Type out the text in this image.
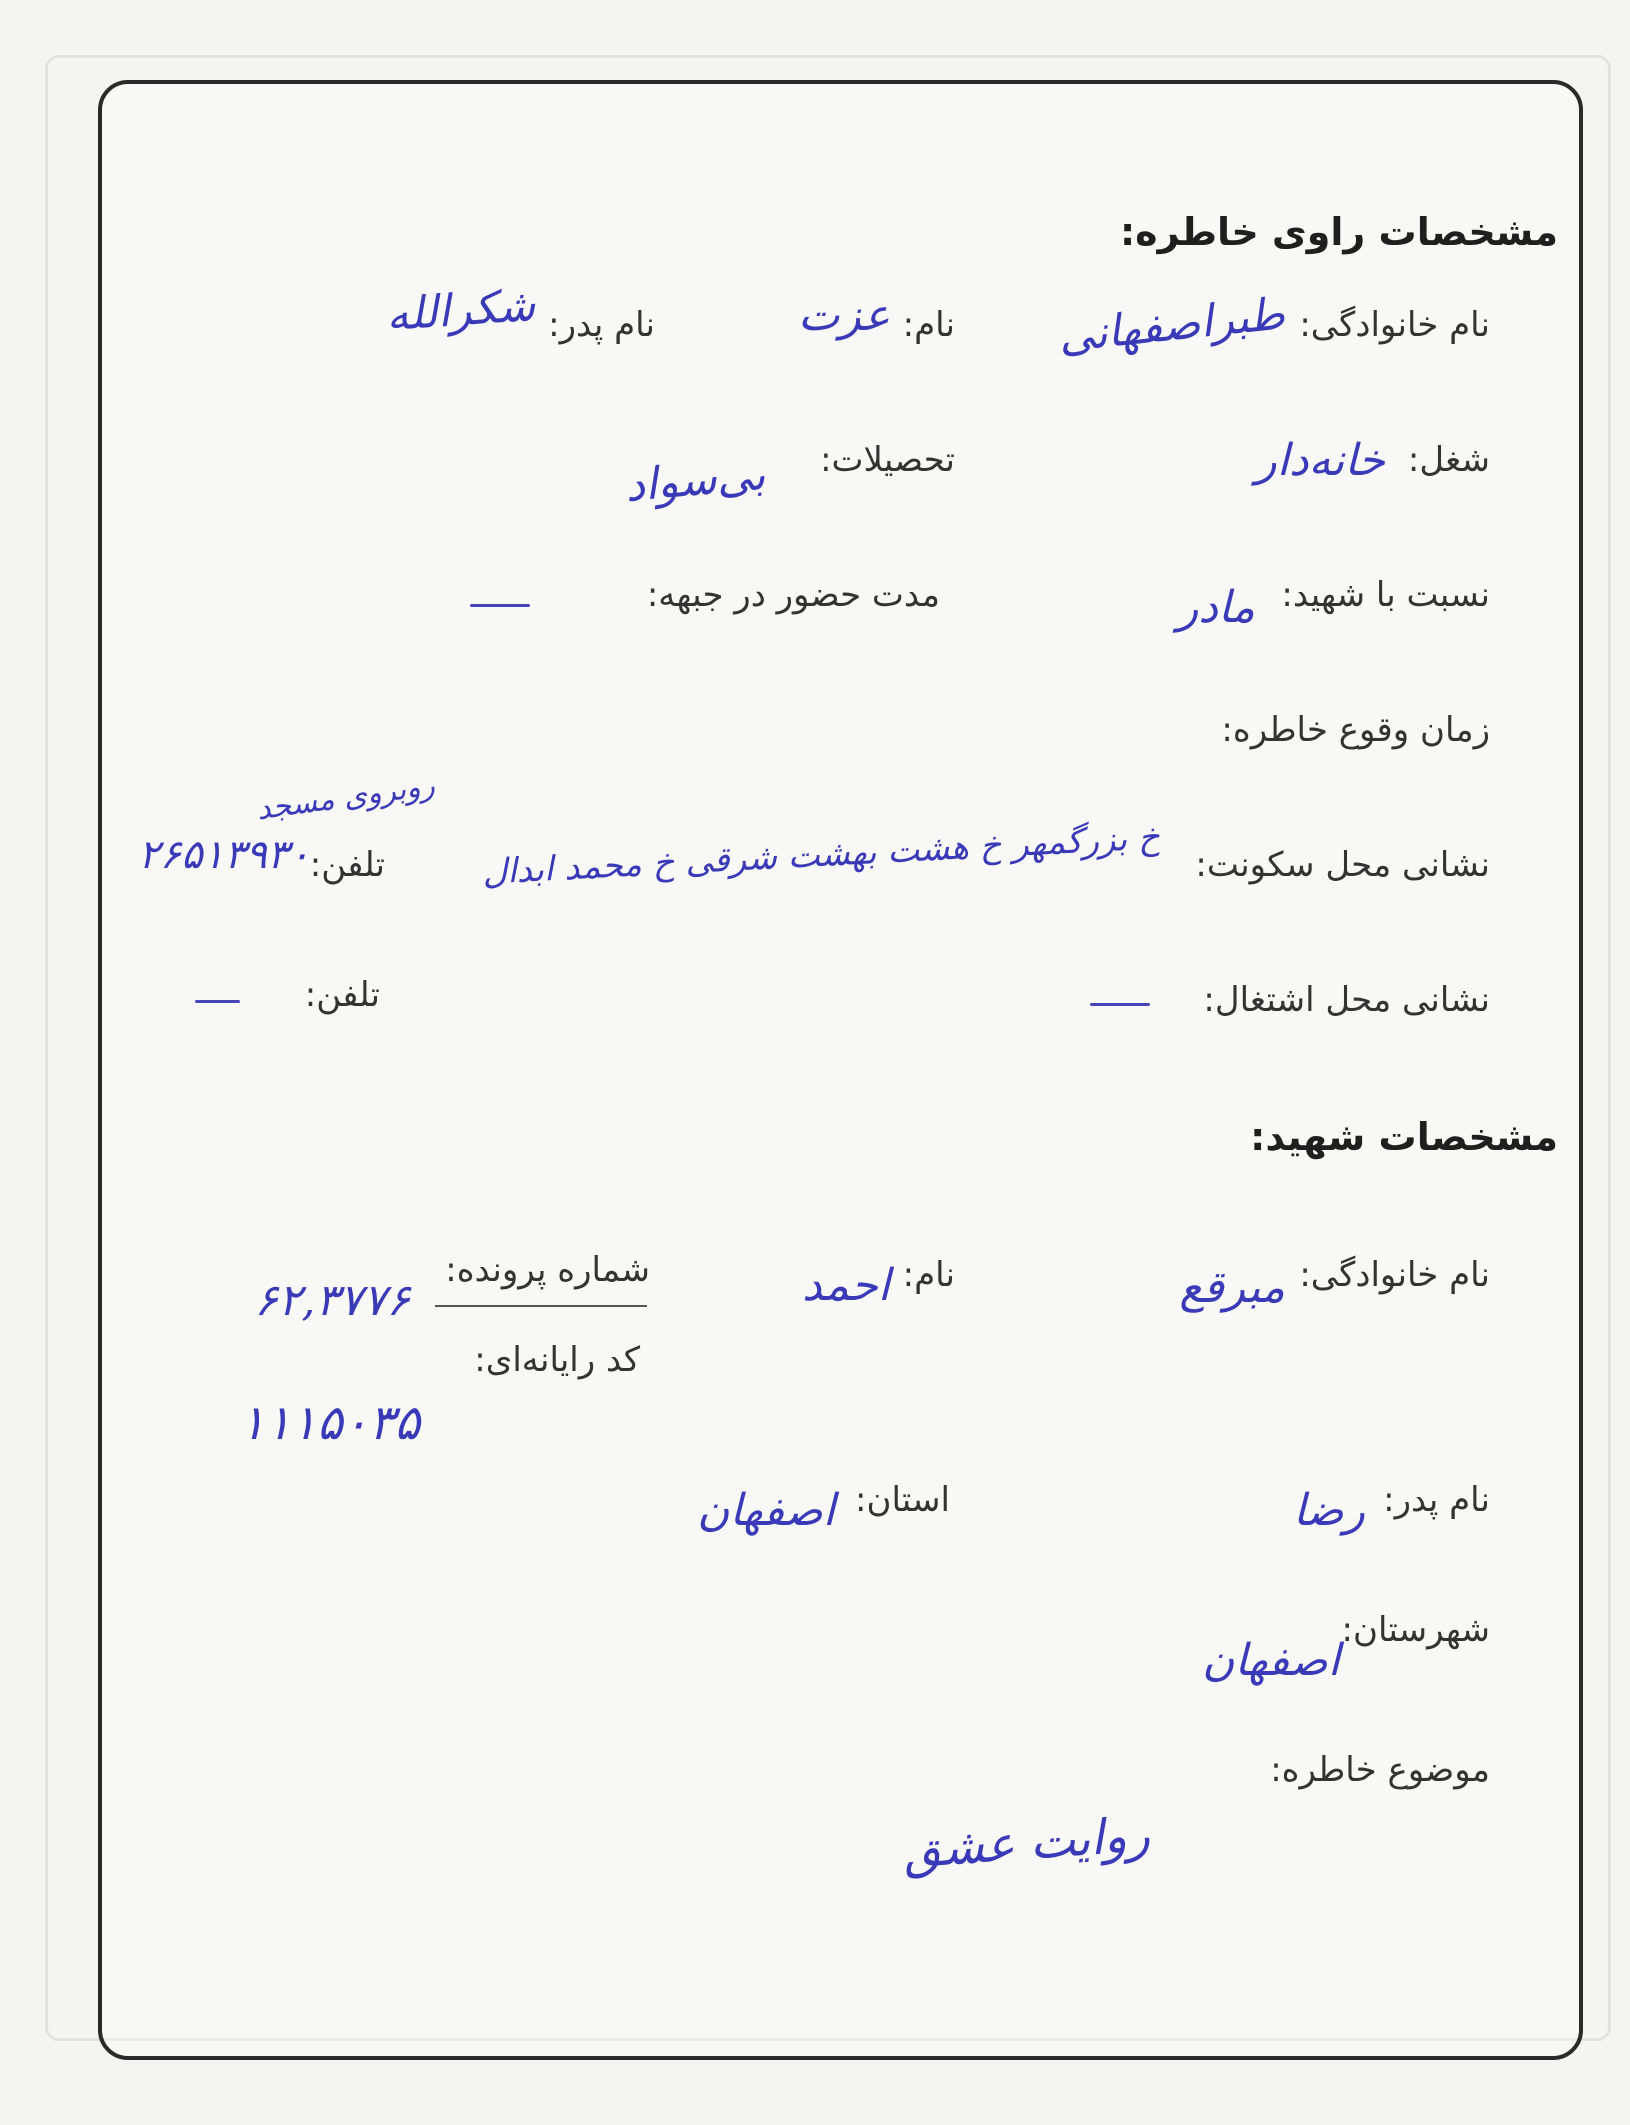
مشخصات راوی خاطره:
نام خانوادگی:
طبراصفهانی
نام:
عزت
نام پدر:
شکرالله
شغل:
خانه‌دار
تحصیلات:
بی‌سواد
نسبت با شهید:
مادر
مدت حضور در جبهه:
زمان وقوع خاطره:
نشانی محل سکونت:
خ بزرگمهر خ هشت بهشت شرقی خ محمد ابدال
روبروی مسجد
تلفن:
۲۶۵۱۳۹۳۰
نشانی محل اشتغال:
تلفن:
مشخصات شهید:
نام خانوادگی:
مبرقع
نام:
احمد
شماره پرونده:
۶۲,۳۷۷۶
کد رایانه‌ای:
۱۱۱۵۰۳۵
نام پدر:
رضا
استان:
اصفهان
شهرستان:
اصفهان
موضوع خاطره:
روایت عشق
